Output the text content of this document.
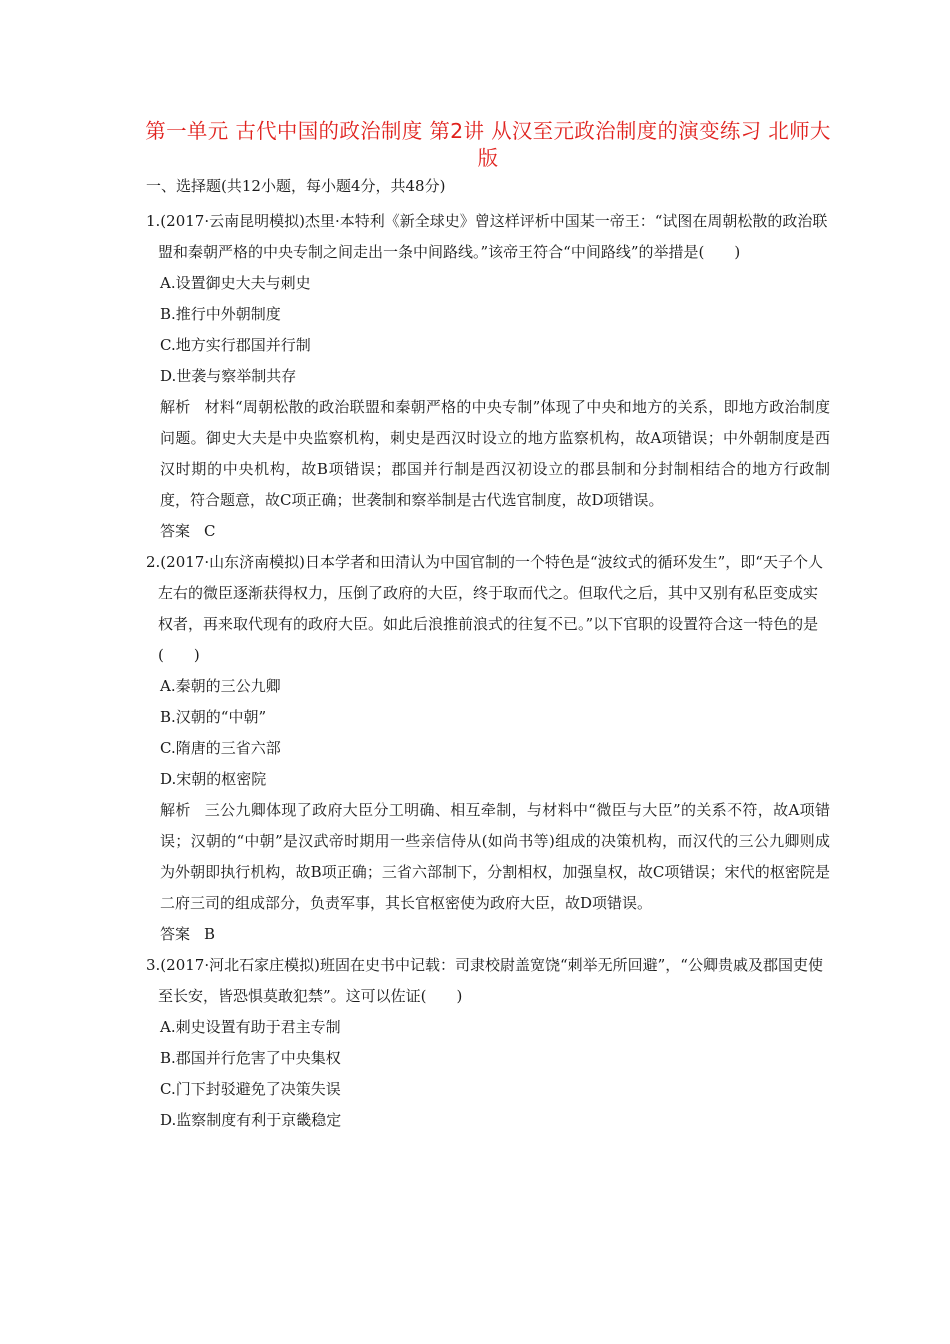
第一单元 古代中国的政治制度 第2讲 从汉至元政治制度的演变练习 北师大版
一、选择题(共12小题，每小题4分，共48分)

1.(2017·云南昆明模拟)杰里·本特利《新全球史》曾这样评析中国某一帝王：“试图在周朝松散的政治联盟和秦朝严格的中央专制之间走出一条中间路线。”该帝王符合“中间路线”的举措是(　　)

A.设置御史大夫与刺史

B.推行中外朝制度

C.地方实行郡国并行制

D.世袭与察举制共存

解析 材料“周朝松散的政治联盟和秦朝严格的中央专制”体现了中央和地方的关系，即地方政治制度问题。御史大夫是中央监察机构，刺史是西汉时设立的地方监察机构，故A项错误；中外朝制度是西汉时期的中央机构，故B项错误；郡国并行制是西汉初设立的郡县制和分封制相结合的地方行政制度，符合题意，故C项正确；世袭制和察举制是古代选官制度，故D项错误。

答案 C

2.(2017·山东济南模拟)日本学者和田清认为中国官制的一个特色是“波纹式的循环发生”，即“天子个人左右的微臣逐渐获得权力，压倒了政府的大臣，终于取而代之。但取代之后，其中又别有私臣变成实权者，再来取代现有的政府大臣。如此后浪推前浪式的往复不已。”以下官职的设置符合这一特色的是(　　)

A.秦朝的三公九卿

B.汉朝的“中朝”

C.隋唐的三省六部

D.宋朝的枢密院

解析 三公九卿体现了政府大臣分工明确、相互牵制，与材料中“微臣与大臣”的关系不符，故A项错误；汉朝的“中朝”是汉武帝时期用一些亲信侍从(如尚书等)组成的决策机构，而汉代的三公九卿则成为外朝即执行机构，故B项正确；三省六部制下，分割相权，加强皇权，故C项错误；宋代的枢密院是二府三司的组成部分，负责军事，其长官枢密使为政府大臣，故D项错误。

答案 B

3.(2017·河北石家庄模拟)班固在史书中记载：司隶校尉盖宽饶“刺举无所回避”，“公卿贵戚及郡国吏使至长安，皆恐惧莫敢犯禁”。这可以佐证(　　)

A.刺史设置有助于君主专制

B.郡国并行危害了中央集权

C.门下封驳避免了决策失误

D.监察制度有利于京畿稳定
